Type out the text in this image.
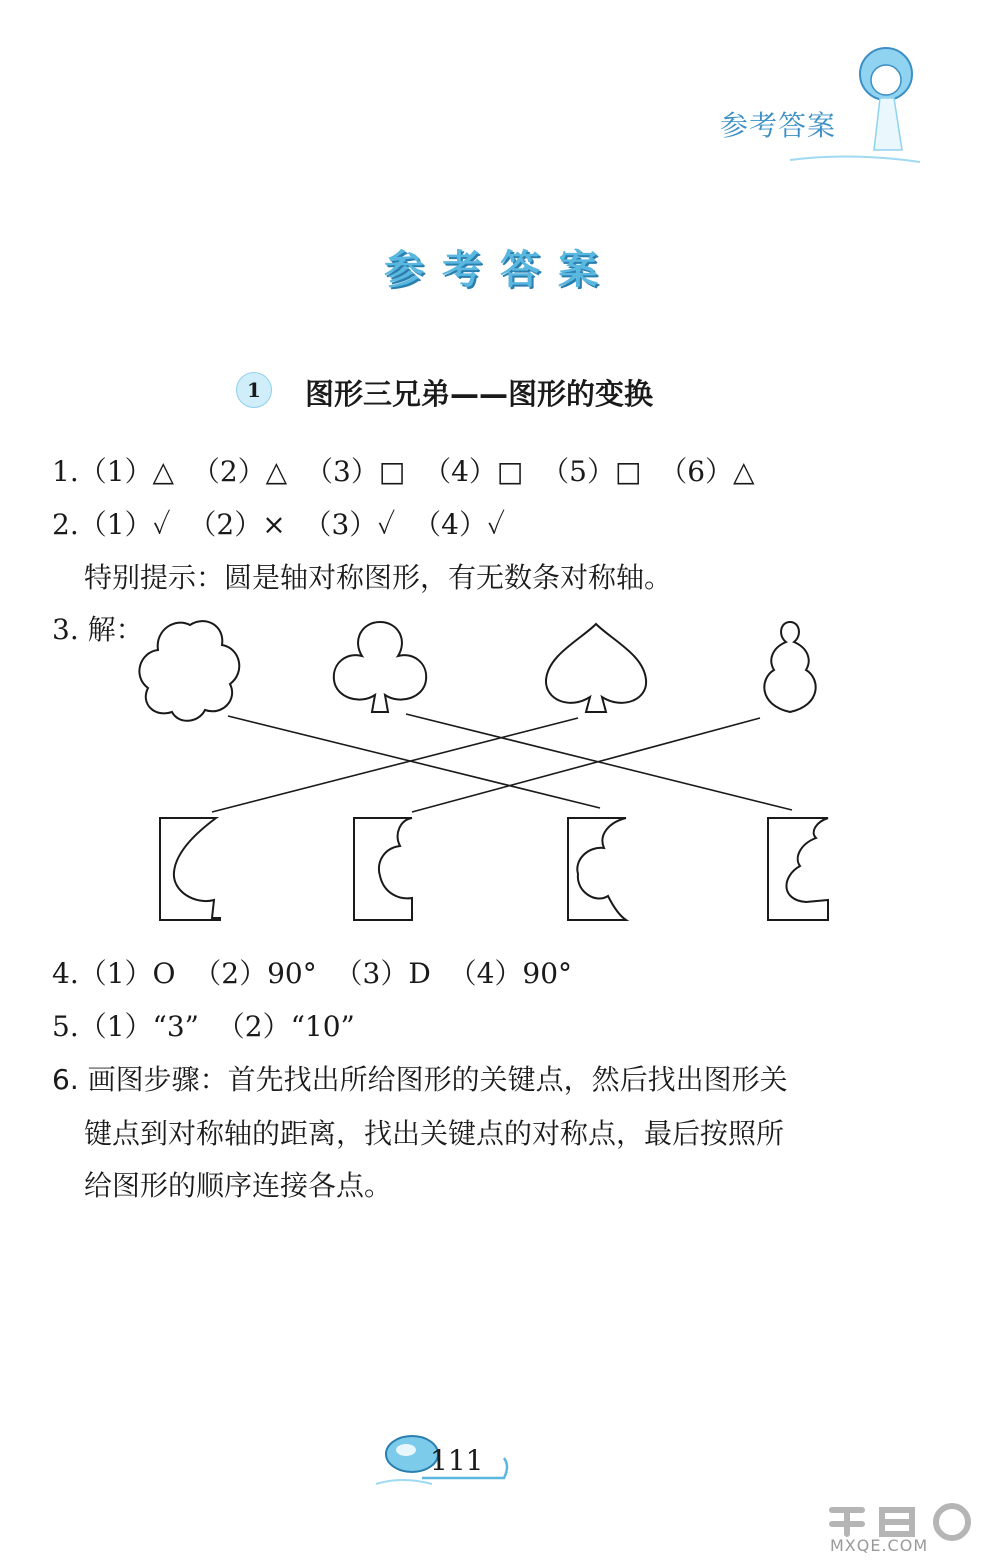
参考答案
参考答案
1	图形三兄弟——图形的变换
1.（1）△  （2）△  （3）□  （4）□  （5）□  （6）△
2.（1）✓  （2）×  （3）✓  （4）✓
特别提示：圆是轴对称图形，有无数条对称轴。
3. 解：
4.（1）O  （2）90°  （3）D  （4）90°
5.（1）“3”  （2）“10”
6. 画图步骤：首先找出所给图形的关键点，然后找出图形关
键点到对称轴的距离，找出关键点的对称点，最后按照所
给图形的顺序连接各点。
111
MXQE.COM
